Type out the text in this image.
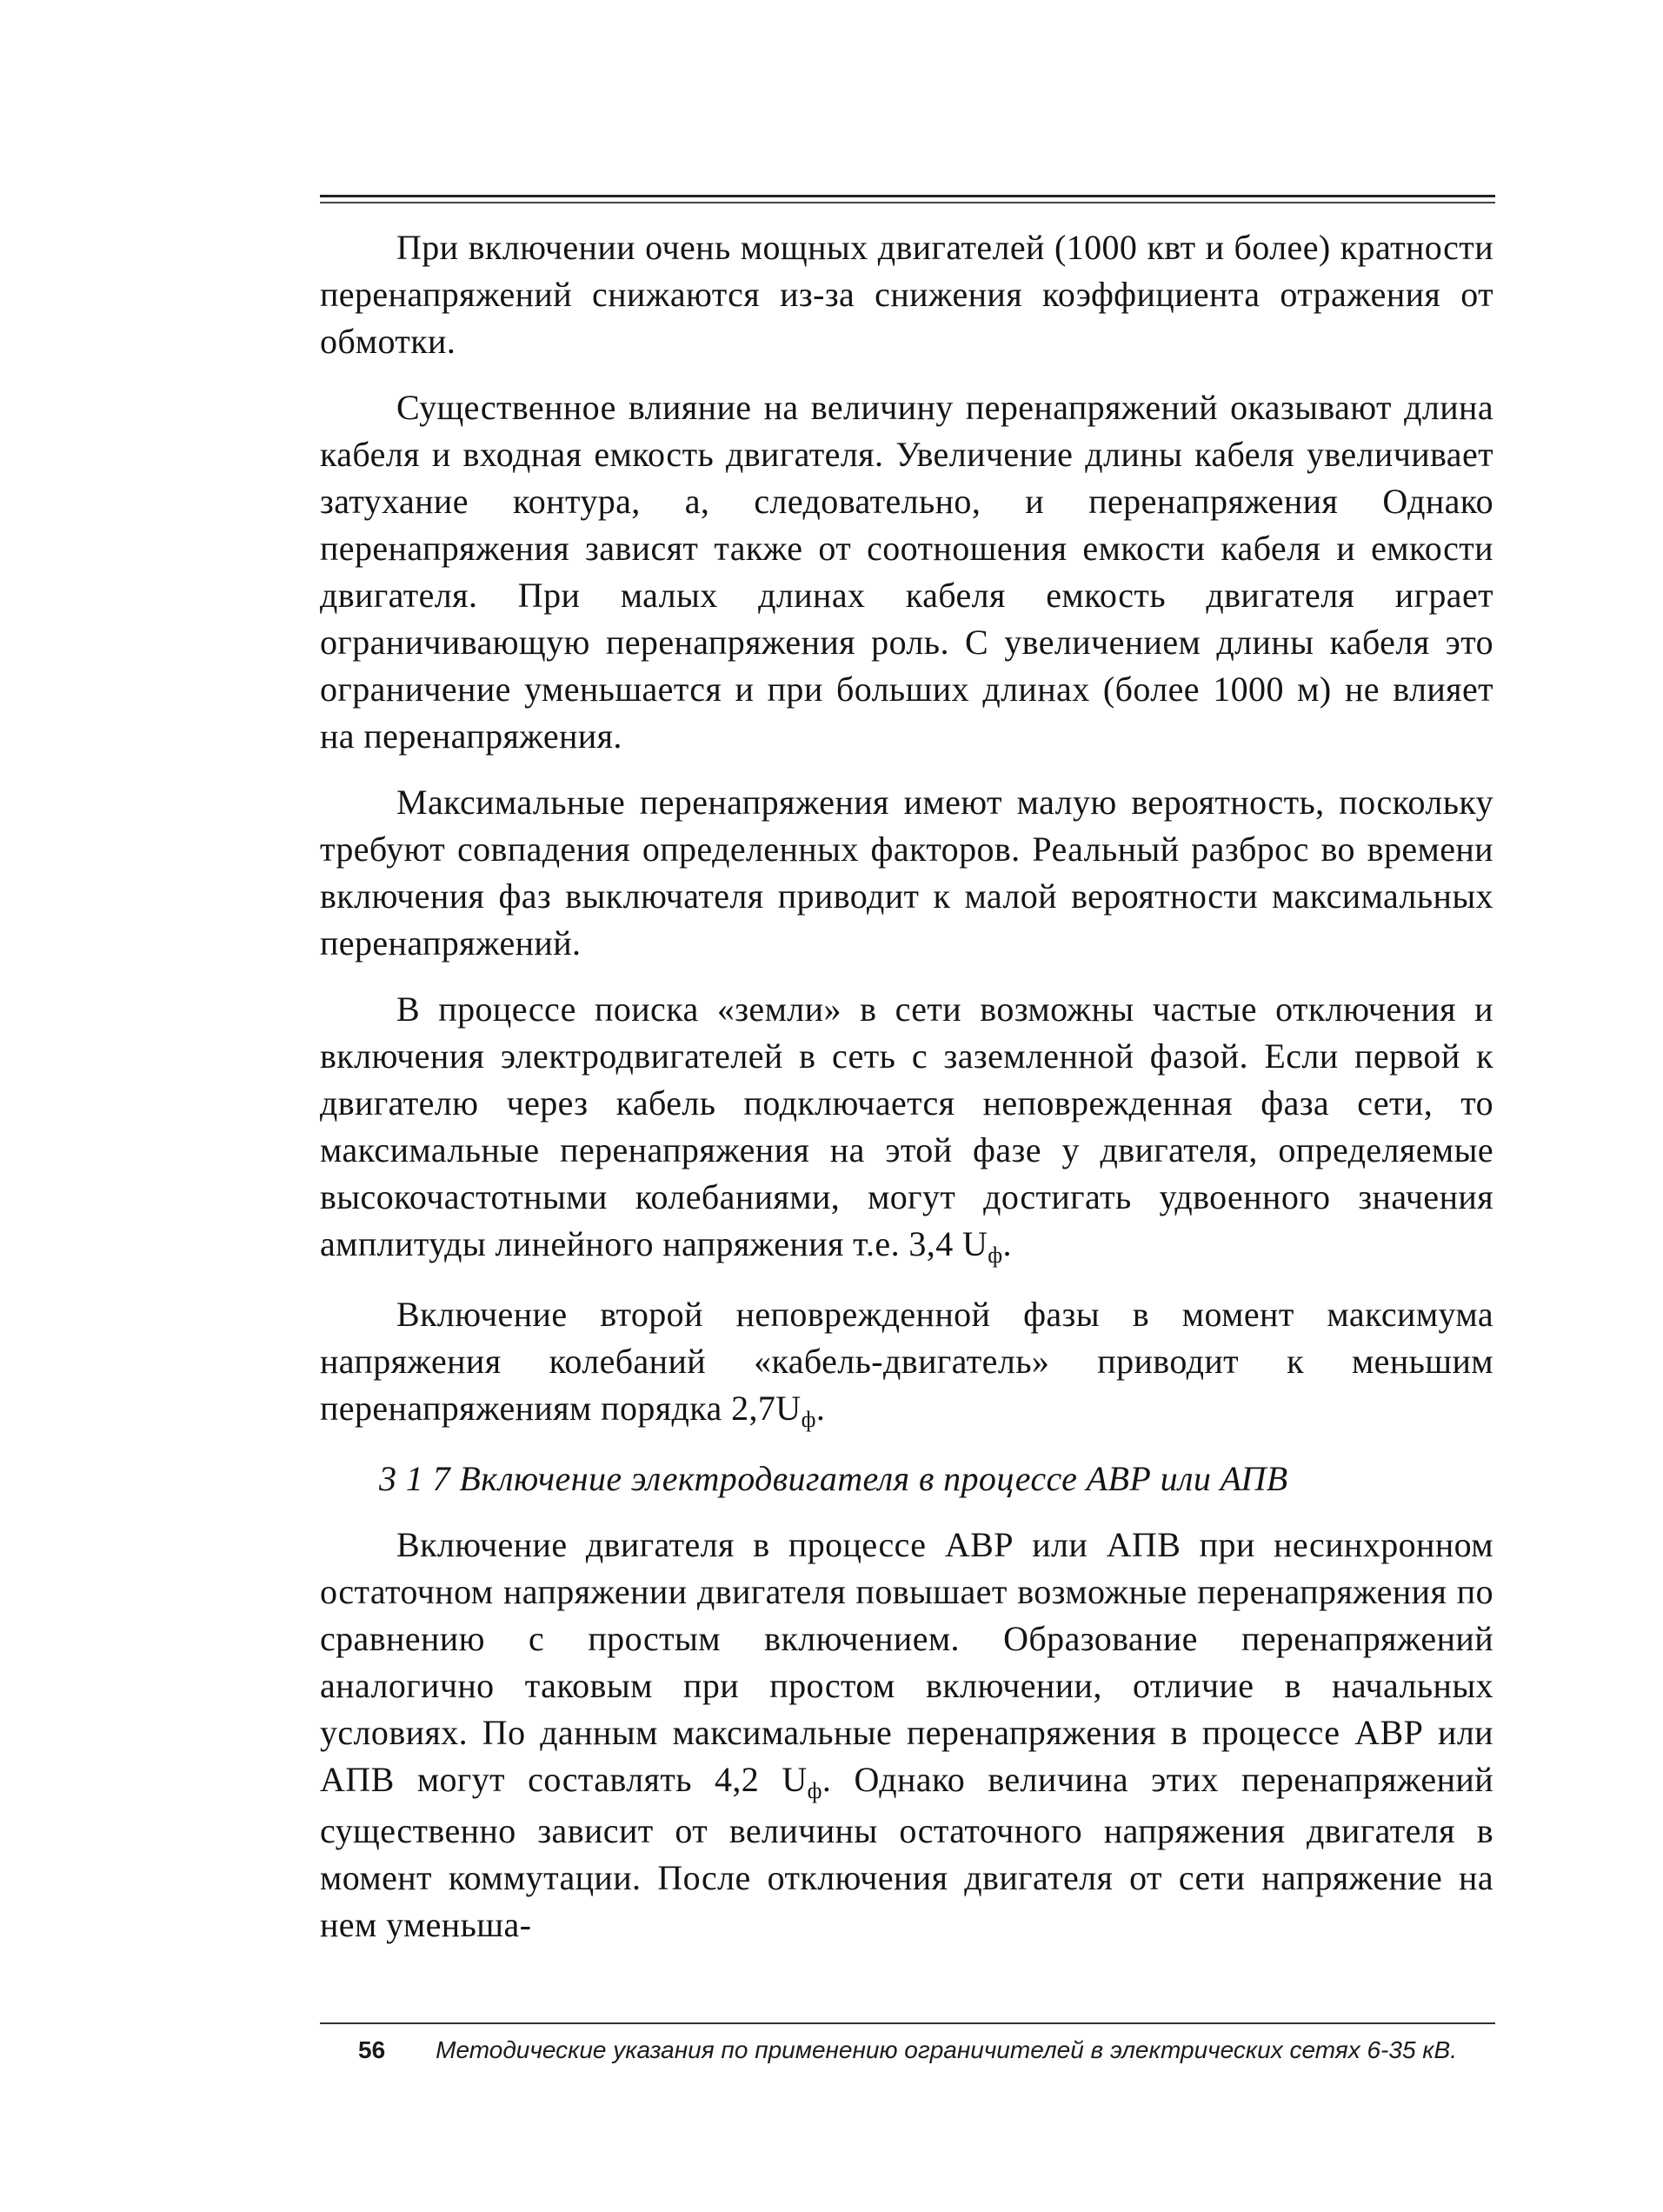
При включении очень мощных двигателей (1000 квт и более) кратности перенапряжений снижаются из-за снижения коэффициента отражения от обмотки.

Существенное влияние на величину перенапряжений оказывают длина кабеля и входная емкость двигателя. Увеличение длины кабеля увеличивает затухание контура, а, следовательно, и перенапряжения Однако перенапряжения зависят также от соотношения емкости кабеля и емкости двигателя. При малых длинах кабеля емкость двигателя играет ограничивающую перенапряжения роль. С увеличением длины кабеля это ограничение уменьшается и при больших длинах (более 1000 м) не влияет на перенапряжения.

Максимальные перенапряжения имеют малую вероятность, поскольку требуют совпадения определенных факторов. Реальный разброс во времени включения фаз выключателя приводит к малой вероятности максимальных перенапряжений.

В процессе поиска «земли» в сети возможны частые отключения и включения электродвигателей в сеть с заземленной фазой. Если первой к двигателю через кабель подключается неповрежденная фаза сети, то максимальные перенапряжения на этой фазе у двигателя, определяемые высокочастотными колебаниями, могут достигать удвоенного значения амплитуды линейного напряжения т.е. 3,4 $U_ф$.

Включение второй неповрежденной фазы в момент максимума напряжения колебаний «кабель-двигатель» приводит к меньшим перенапряжениям порядка $2,7U_ф$.

3 1 7 Включение электродвигателя в процессе АВР или АПВ

Включение двигателя в процессе АВР или АПВ при несинхронном остаточном напряжении двигателя повышает возможные перенапряжения по сравнению с простым включением. Образование перенапряжений аналогично таковым при простом включении, отличие в начальных условиях. По данным максимальные перенапряжения в процессе АВР или АПВ могут составлять 4,2 $U_ф$. Однако величина этих перенапряжений существенно зависит от величины остаточного напряжения двигателя в момент коммутации. После отключения двигателя от сети напряжение на нем уменьша-

56 Методические указания по применению ограничителей в электрических сетях 6-35 кВ.
